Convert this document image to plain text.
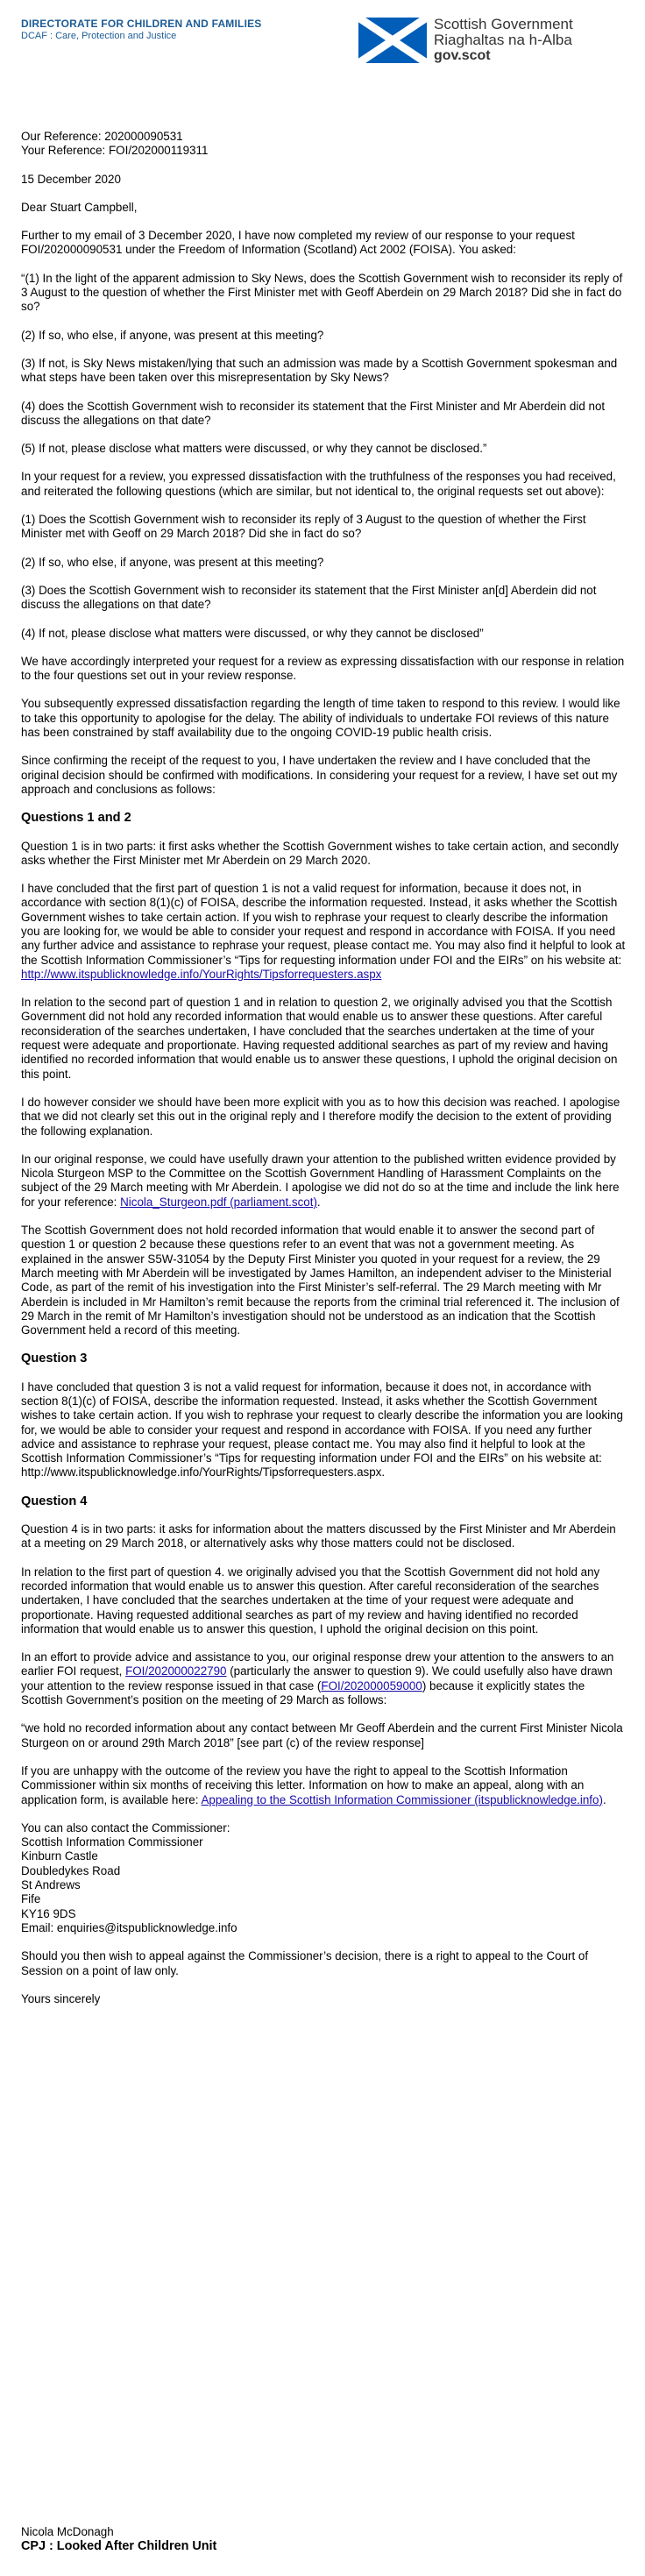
DIRECTORATE FOR CHILDREN AND FAMILIES
DCAF : Care, Protection and Justice
Scottish Government
Riaghaltas na h-Alba
gov.scot

Our Reference: 202000090531

Your Reference: FOI/202000119311

15 December 2020

Dear Stuart Campbell,

Further to my email of 3 December 2020, I have now completed my review of our response to your request FOI/202000090531 under the Freedom of Information (Scotland) Act 2002 (FOISA). You asked:

“(1) In the light of the apparent admission to Sky News, does the Scottish Government wish to reconsider its reply of 3 August to the question of whether the First Minister met with Geoff Aberdein on 29 March 2018? Did she in fact do so?

(2) If so, who else, if anyone, was present at this meeting?

(3) If not, is Sky News mistaken/lying that such an admission was made by a Scottish Government spokesman and what steps have been taken over this misrepresentation by Sky News?

(4) does the Scottish Government wish to reconsider its statement that the First Minister and Mr Aberdein did not discuss the allegations on that date?

(5) If not, please disclose what matters were discussed, or why they cannot be disclosed.”

In your request for a review, you expressed dissatisfaction with the truthfulness of the responses you had received, and reiterated the following questions (which are similar, but not identical to, the original requests set out above):

(1) Does the Scottish Government wish to reconsider its reply of 3 August to the question of whether the First Minister met with Geoff on 29 March 2018? Did she in fact do so?

(2) If so, who else, if anyone, was present at this meeting?

(3) Does the Scottish Government wish to reconsider its statement that the First Minister an[d] Aberdein did not discuss the allegations on that date?

(4) If not, please disclose what matters were discussed, or why they cannot be disclosed”

We have accordingly interpreted your request for a review as expressing dissatisfaction with our response in relation to the four questions set out in your review response.

You subsequently expressed dissatisfaction regarding the length of time taken to respond to this review. I would like to take this opportunity to apologise for the delay. The ability of individuals to undertake FOI reviews of this nature has been constrained by staff availability due to the ongoing COVID-19 public health crisis.

Since confirming the receipt of the request to you, I have undertaken the review and I have concluded that the original decision should be confirmed with modifications. In considering your request for a review, I have set out my approach and conclusions as follows:

Questions 1 and 2

Question 1 is in two parts: it first asks whether the Scottish Government wishes to take certain action, and secondly asks whether the First Minister met Mr Aberdein on 29 March 2020.

I have concluded that the first part of question 1 is not a valid request for information, because it does not, in accordance with section 8(1)(c) of FOISA, describe the information requested. Instead, it asks whether the Scottish Government wishes to take certain action. If you wish to rephrase your request to clearly describe the information you are looking for, we would be able to consider your request and respond in accordance with FOISA. If you need any further advice and assistance to rephrase your request, please contact me. You may also find it helpful to look at the Scottish Information Commissioner’s “Tips for requesting information under FOI and the EIRs” on his website at:
http://www.itspublicknowledge.info/YourRights/Tipsforrequesters.aspx

In relation to the second part of question 1 and in relation to question 2, we originally advised you that the Scottish Government did not hold any recorded information that would enable us to answer these questions. After careful reconsideration of the searches undertaken, I have concluded that the searches undertaken at the time of your request were adequate and proportionate. Having requested additional searches as part of my review and having identified no recorded information that would enable us to answer these questions, I uphold the original decision on this point.

I do however consider we should have been more explicit with you as to how this decision was reached. I apologise that we did not clearly set this out in the original reply and I therefore modify the decision to the extent of providing the following explanation.

In our original response, we could have usefully drawn your attention to the published written evidence provided by Nicola Sturgeon MSP to the Committee on the Scottish Government Handling of Harassment Complaints on the subject of the 29 March meeting with Mr Aberdein. I apologise we did not do so at the time and include the link here for your reference: Nicola_Sturgeon.pdf (parliament.scot).

The Scottish Government does not hold recorded information that would enable it to answer the second part of question 1 or question 2 because these questions refer to an event that was not a government meeting. As explained in the answer S5W-31054 by the Deputy First Minister you quoted in your request for a review, the 29 March meeting with Mr Aberdein will be investigated by James Hamilton, an independent adviser to the Ministerial Code, as part of the remit of his investigation into the First Minister’s self-referral. The 29 March meeting with Mr Aberdein is included in Mr Hamilton’s remit because the reports from the criminal trial referenced it. The inclusion of 29 March in the remit of Mr Hamilton’s investigation should not be understood as an indication that the Scottish Government held a record of this meeting.

Question 3

I have concluded that question 3 is not a valid request for information, because it does not, in accordance with section 8(1)(c) of FOISA, describe the information requested. Instead, it asks whether the Scottish Government wishes to take certain action. If you wish to rephrase your request to clearly describe the information you are looking for, we would be able to consider your request and respond in accordance with FOISA. If you need any further advice and assistance to rephrase your request, please contact me. You may also find it helpful to look at the Scottish Information Commissioner’s “Tips for requesting information under FOI and the EIRs” on his website at: http://www.itspublicknowledge.info/YourRights/Tipsforrequesters.aspx.

Question 4

Question 4 is in two parts: it asks for information about the matters discussed by the First Minister and Mr Aberdein at a meeting on 29 March 2018, or alternatively asks why those matters could not be disclosed.

In relation to the first part of question 4. we originally advised you that the Scottish Government did not hold any recorded information that would enable us to answer this question. After careful reconsideration of the searches undertaken, I have concluded that the searches undertaken at the time of your request were adequate and proportionate. Having requested additional searches as part of my review and having identified no recorded information that would enable us to answer this question, I uphold the original decision on this point.

In an effort to provide advice and assistance to you, our original response drew your attention to the answers to an earlier FOI request, FOI/202000022790 (particularly the answer to question 9). We could usefully also have drawn your attention to the review response issued in that case (FOI/202000059000) because it explicitly states the Scottish Government’s position on the meeting of 29 March as follows:

“we hold no recorded information about any contact between Mr Geoff Aberdein and the current First Minister Nicola Sturgeon on or around 29th March 2018” [see part (c) of the review response]

If you are unhappy with the outcome of the review you have the right to appeal to the Scottish Information Commissioner within six months of receiving this letter. Information on how to make an appeal, along with an application form, is available here: Appealing to the Scottish Information Commissioner (itspublicknowledge.info).

You can also contact the Commissioner:
Scottish Information Commissioner
Kinburn Castle
Doubledykes Road
St Andrews
Fife
KY16 9DS
Email: enquiries@itspublicknowledge.info

Should you then wish to appeal against the Commissioner’s decision, there is a right to appeal to the Court of Session on a point of law only.

Yours sincerely

Nicola McDonagh
CPJ : Looked After Children Unit
